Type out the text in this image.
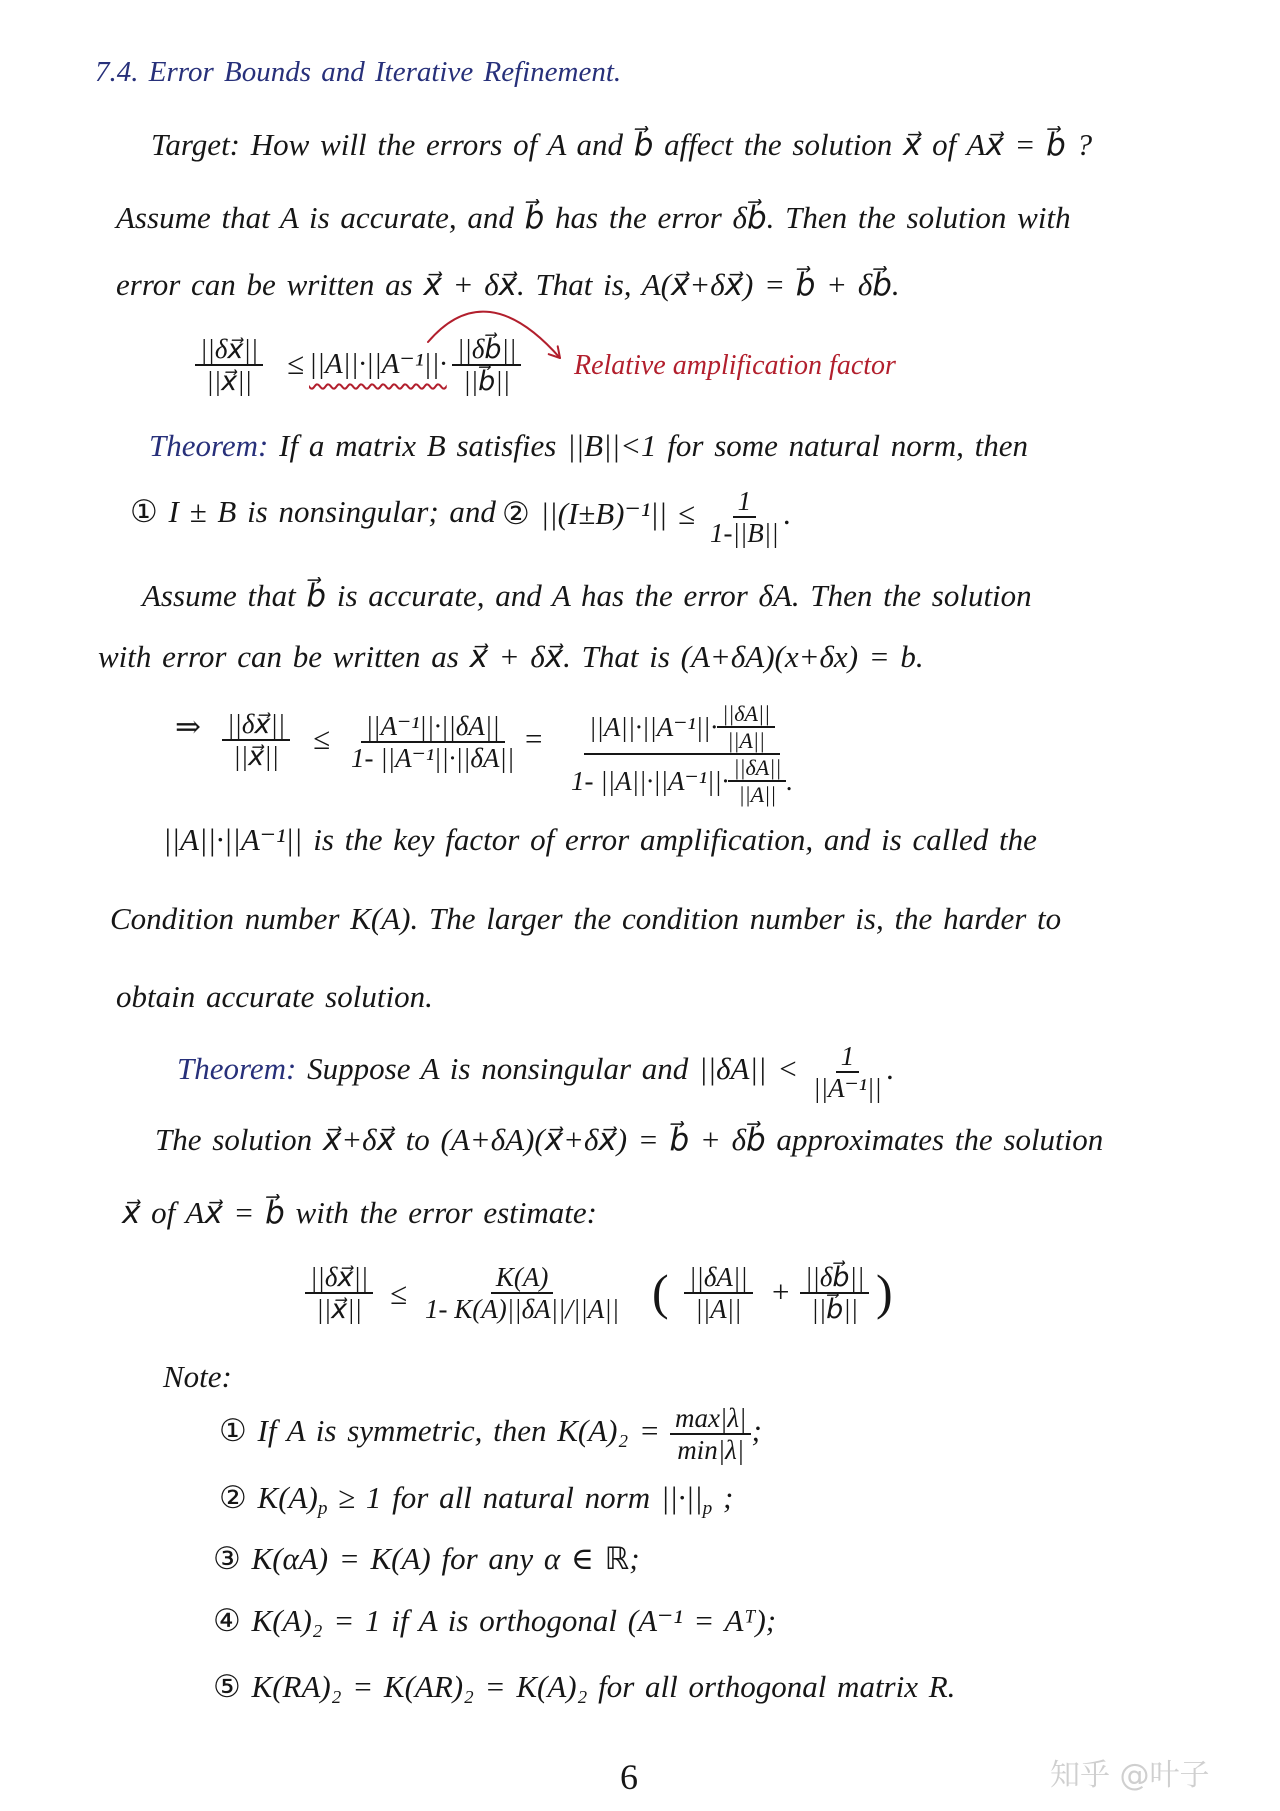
7.4. Error Bounds and Iterative Refinement.
Target: How will the errors of A and b⃗ affect the solution x⃗ of Ax⃗ = b⃗ ?
Assume that A is accurate, and b⃗ has the error δb⃗. Then the solution with
error can be written as x⃗ + δx⃗. That is, A(x⃗+δx⃗) = b⃗ + δb⃗.
$\frac{||\delta x⃗||}{||x⃗||} \le ||A||\cdot||A^{-1}||\cdot \frac{||\delta b⃗||}{||b⃗||}$ Relative amplification factor
Theorem: If a matrix B satisfies ||B||<1 for some natural norm, then
① I ± B is nonsingular; and ② $||(I\pm B)^{-1}|| \le \frac{1}{1-||B||}$ .
Assume that b⃗ is accurate, and A has the error δA. Then the solution
with error can be written as x⃗ + δx⃗. That is (A+δA)(x+δx) = b.
⇒ $\frac{||\delta x⃗||}{||x⃗||} \le \frac{\text{||A⁻¹||·||δA||}}{\text{1- ||A⁻¹||·||δA||}} = ||A||\cdot||A^{-1}||\cdot \frac{||\delta A||}{||A||}$
1- $||A||\cdot||A^{-1}||\cdot \frac{||\delta A||}{||A||}$ .
||A||·||A⁻¹|| is the key factor of error amplification, and is called the
Condition number K(A). The larger the condition number is, the harder to
obtain accurate solution.
Theorem: Suppose A is nonsingular and $||\delta A|| < \frac{1}{\text{||A⁻¹||}}$ .
The solution x⃗+δx⃗ to (A+δA)(x⃗+δx⃗) = b⃗ + δb⃗ approximates the solution
x⃗ of Ax⃗ = b⃗ with the error estimate:
$\frac{||\delta x⃗||}{||x⃗||} \le \frac{K(A)}{1- K(A)||\delta A||/||A||}$ ( $\frac{||\delta A||}{||A||} + \frac{||\delta b⃗||}{||b⃗||}$ )
Note:
① If A is symmetric, then $K(A)_2 = \frac{\max|\lambda|}{\min|\lambda|}$ ;
② $K(A)_p \ge 1$ for all natural norm $||\cdot||_p$ ;
③ K(αA) = K(A) for any α ∈ ℝ;
④ K(A)₂ = 1 if A is orthogonal (A⁻¹ = Aᵀ);
⑤ K(RA)₂ = K(AR)₂ = K(A)₂ for all orthogonal matrix R.
6	知乎 @叶子
